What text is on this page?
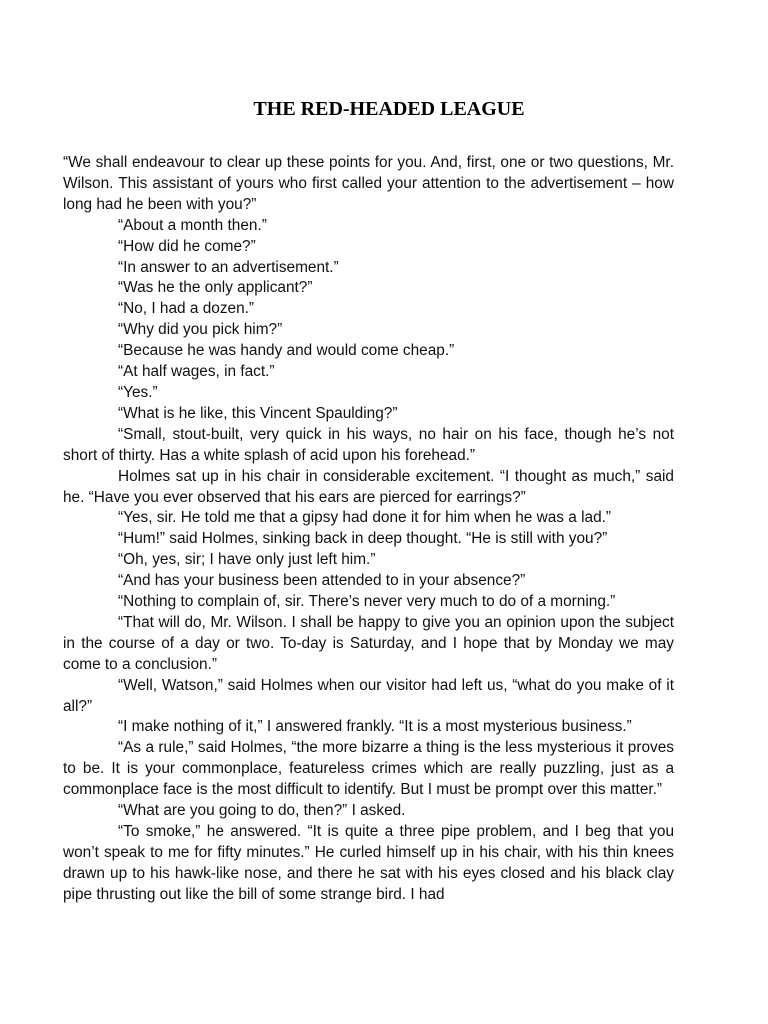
THE RED-HEADED LEAGUE

“We shall endeavour to clear up these points for you. And, first, one or two questions, Mr. Wilson. This assistant of yours who first called your attention to the advertisement – how long had he been with you?”

“About a month then.”

“How did he come?”

“In answer to an advertisement.”

“Was he the only applicant?”

“No, I had a dozen.”

“Why did you pick him?”

“Because he was handy and would come cheap.”

“At half wages, in fact.”

“Yes.”

“What is he like, this Vincent Spaulding?”

“Small, stout-built, very quick in his ways, no hair on his face, though he’s not short of thirty. Has a white splash of acid upon his forehead.”

Holmes sat up in his chair in considerable excitement. “I thought as much,” said he. “Have you ever observed that his ears are pierced for earrings?”

“Yes, sir. He told me that a gipsy had done it for him when he was a lad.”

“Hum!” said Holmes, sinking back in deep thought. “He is still with you?”

“Oh, yes, sir; I have only just left him.”

“And has your business been attended to in your absence?”

“Nothing to complain of, sir. There’s never very much to do of a morning.”

“That will do, Mr. Wilson. I shall be happy to give you an opinion upon the subject in the course of a day or two. To-day is Saturday, and I hope that by Monday we may come to a conclusion.”

“Well, Watson,” said Holmes when our visitor had left us, “what do you make of it all?”

“I make nothing of it,” I answered frankly. “It is a most mysterious business.”

“As a rule,” said Holmes, “the more bizarre a thing is the less mysterious it proves to be. It is your commonplace, featureless crimes which are really puzzling, just as a commonplace face is the most difficult to identify. But I must be prompt over this matter.”

“What are you going to do, then?” I asked.

“To smoke,” he answered. “It is quite a three pipe problem, and I beg that you won’t speak to me for fifty minutes.” He curled himself up in his chair, with his thin knees drawn up to his hawk-like nose, and there he sat with his eyes closed and his black clay pipe thrusting out like the bill of some strange bird. I had
